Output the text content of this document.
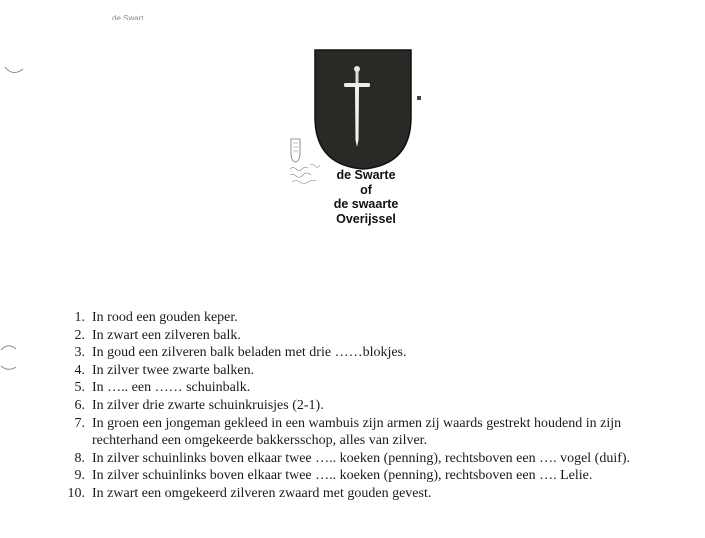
de Swart
de Swarte
of
de swaarte
Overijssel
1. In rood een gouden keper.
2. In zwart een zilveren balk.
3. In goud een zilveren balk beladen met drie ……blokjes.
4. In zilver twee zwarte balken.
5. In ….. een …… schuinbalk.
6. In zilver drie zwarte schuinkruisjes (2-1).
7. In groen een jongeman gekleed in een wambuis zijn armen zij waards gestrekt houdend in zijn rechterhand een omgekeerde bakkersschop, alles van zilver.
8. In zilver schuinlinks boven elkaar twee ….. koeken (penning), rechtsboven een …. vogel (duif).
9. In zilver schuinlinks boven elkaar twee ….. koeken (penning), rechtsboven een …. Lelie.
10. In zwart een omgekeerd zilveren zwaard met gouden gevest.
